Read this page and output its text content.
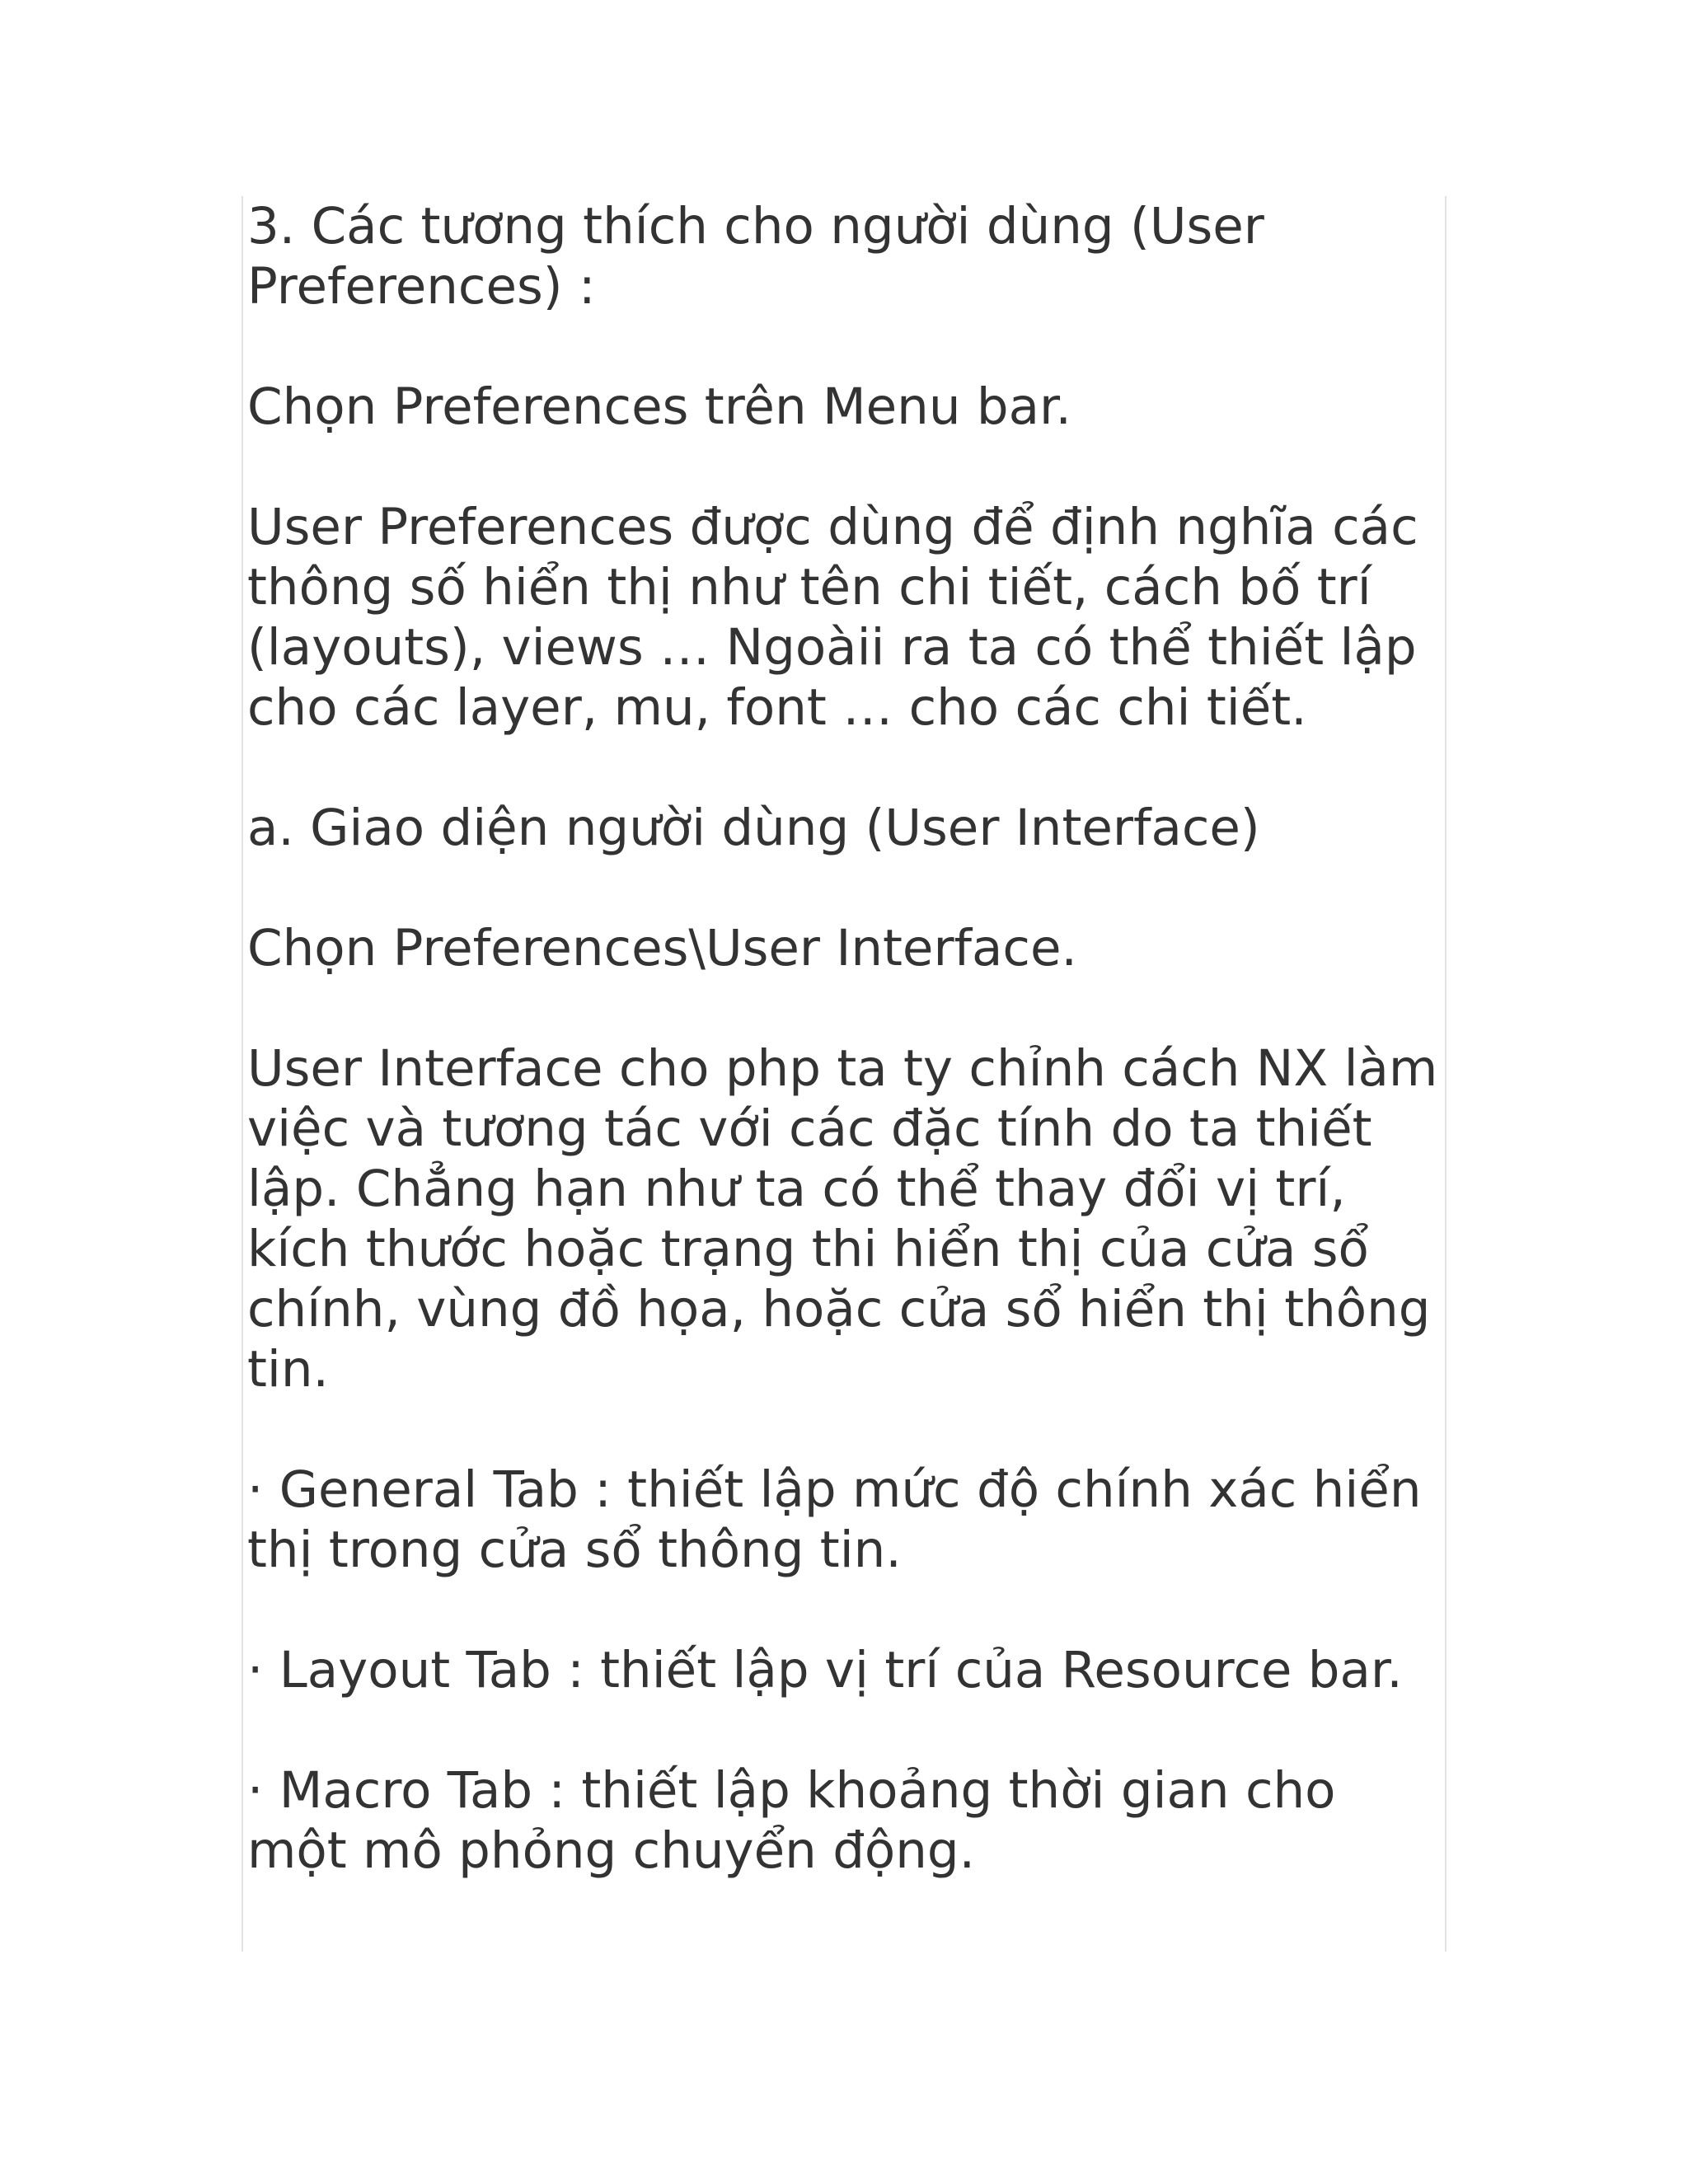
3. Các tương thích cho người dùng (User Preferences) :

Chọn Preferences trên Menu bar.

User Preferences được dùng để định nghĩa các thông số hiển thị như tên chi tiết, cách bố trí (layouts), views … Ngoàii ra ta có thể thiết lập cho các layer, mu, font … cho các chi tiết.

a. Giao diện người dùng (User Interface)

Chọn Preferences\User Interface.

User Interface cho php ta ty chỉnh cách NX làm việc và tương tác với các đặc tính do ta thiết lập. Chẳng hạn như ta có thể thay đổi vị trí, kích thước hoặc trạng thi hiển thị của cửa sổ chính, vùng đồ họa, hoặc cửa sổ hiển thị thông tin.

· General Tab : thiết lập mức độ chính xác hiển thị trong cửa sổ thông tin.

· Layout Tab : thiết lập vị trí của Resource bar.

· Macro Tab : thiết lập khoảng thời gian cho một mô phỏng chuyển động.
